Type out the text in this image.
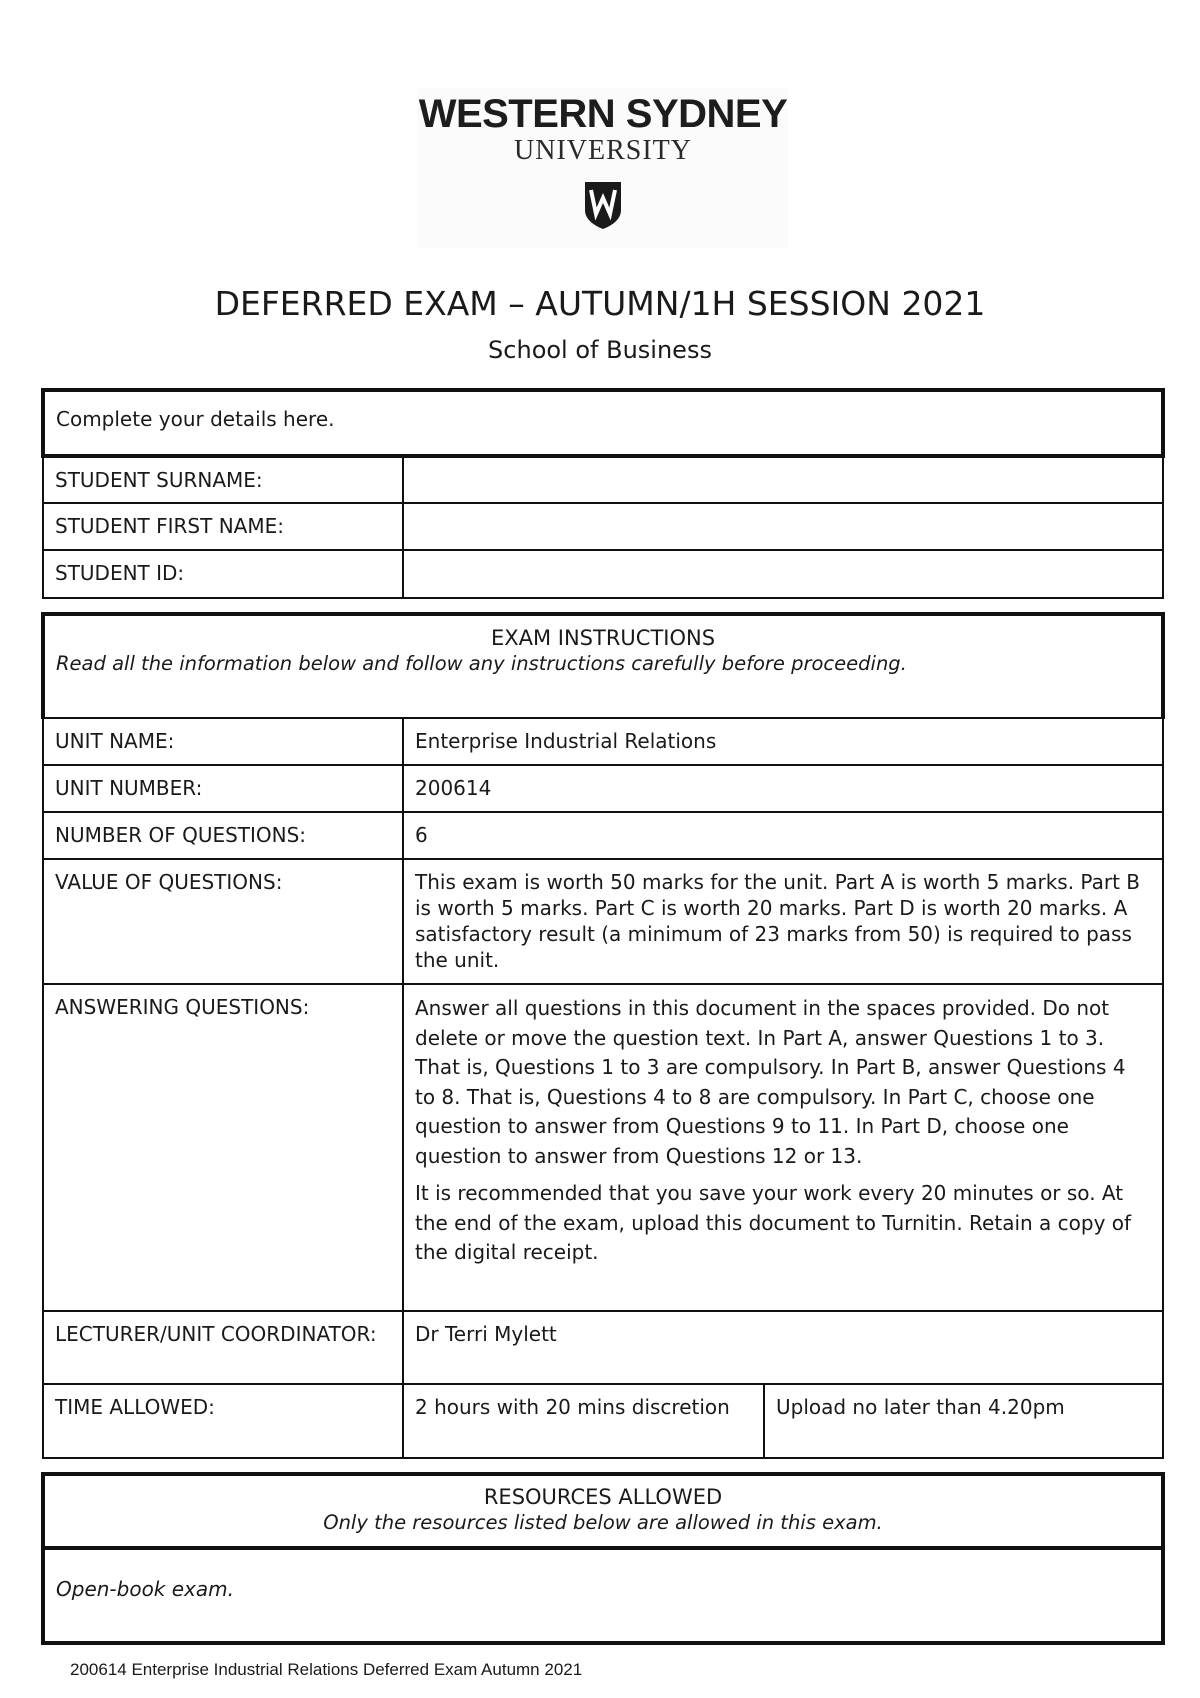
WESTERN SYDNEY
UNIVERSITY
DEFERRED EXAM – AUTUMN/1H SESSION 2021
School of Business
Complete your details here.	
STUDENT SURNAME:	
STUDENT FIRST NAME:	
STUDENT ID:	
EXAM INSTRUCTIONS
Read all the information below and follow any instructions carefully before proceeding.		

UNIT NAME:	Enterprise Industrial Relations	
UNIT NUMBER:	200614	
NUMBER OF QUESTIONS:	6	
VALUE OF QUESTIONS:	This exam is worth 50 marks for the unit. Part A is worth 5 marks. Part B is worth 5 marks. Part C is worth 20 marks. Part D is worth 20 marks. A satisfactory result (a minimum of 23 marks from 50) is required to pass the unit.	
ANSWERING QUESTIONS:	Answer all questions in this document in the spaces provided. Do not delete or move the question text. In Part A, answer Questions 1 to 3. That is, Questions 1 to 3 are compulsory. In Part B, answer Questions 4 to 8. That is, Questions 4 to 8 are compulsory. In Part C, choose one question to answer from Questions 9 to 11. In Part D, choose one question to answer from Questions 12 or 13.

It is recommended that you save your work every 20 minutes or so. At the end of the exam, upload this document to Turnitin. Retain a copy of the digital receipt.	

LECTURER/UNIT COORDINATOR:	Dr Terri Mylett	
TIME ALLOWED:	2 hours with 20 mins discretion	Upload no later than 4.20pm
RESOURCES ALLOWED
Only the resources listed below are allowed in this exam.

Open-book exam.
200614 Enterprise Industrial Relations Deferred Exam Autumn 2021
